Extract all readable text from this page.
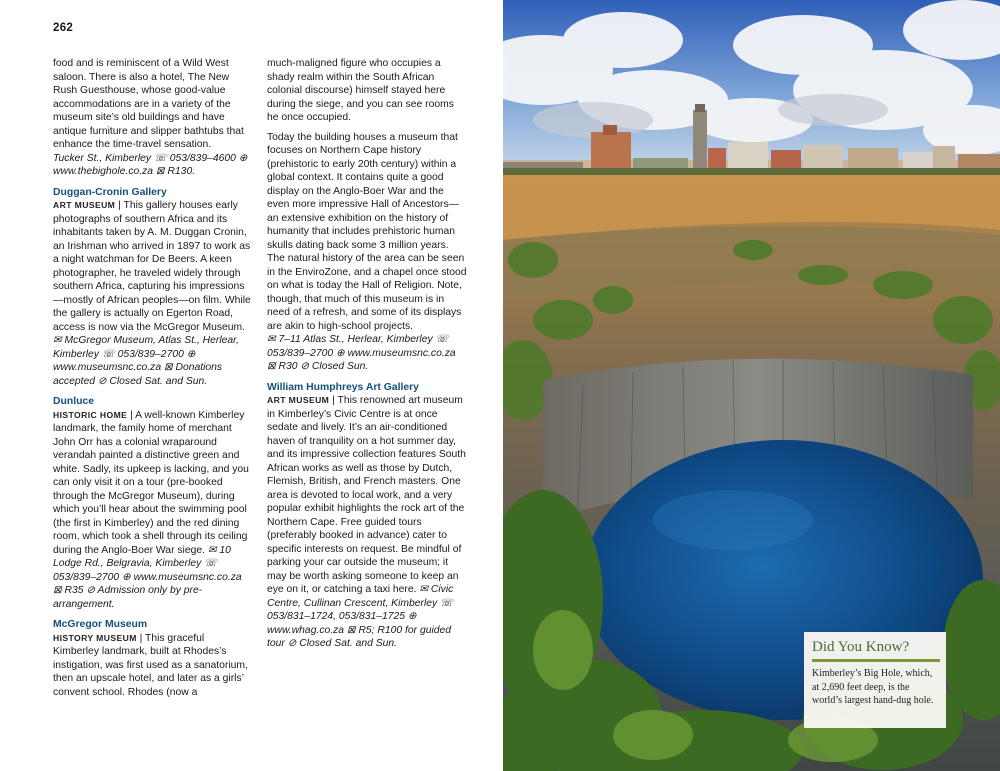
262

food and is reminiscent of a Wild West saloon. There is also a hotel, The New Rush Guesthouse, whose good-value accommodations are in a variety of the museum site’s old buildings and have antique furniture and slipper bathtubs that enhance the time-travel sensation.

Tucker St., Kimberley ☏ 053/839–4600 ⊕ www.thebighole.co.za ⊠ R130.

Duggan-Cronin Gallery

ART MUSEUM | This gallery houses early photographs of southern Africa and its inhabitants taken by A. M. Duggan Cronin, an Irishman who arrived in 1897 to work as a night watchman for De Beers. A keen photographer, he traveled widely through southern Africa, capturing his impressions—mostly of African peoples—on film. While the gallery is actually on Egerton Road, access is now via the McGregor Museum. ✉ McGregor Museum, Atlas St., Herlear, Kimberley ☏ 053/839–2700 ⊕ www.museumsnc.co.za ⊠ Donations accepted ⊘ Closed Sat. and Sun.

Dunluce

HISTORIC HOME | A well-known Kimberley landmark, the family home of merchant John Orr has a colonial wraparound verandah painted a distinctive green and white. Sadly, its upkeep is lacking, and you can only visit it on a tour (pre-booked through the McGregor Museum), during which you’ll hear about the swimming pool (the first in Kimberley) and the red dining room, which took a shell through its ceiling during the Anglo-Boer War siege. ✉ 10 Lodge Rd., Belgravia, Kimberley ☏ 053/839–2700 ⊕ www.museumsnc.co.za ⊠ R35 ⊘ Admission only by pre-arrangement.

McGregor Museum

HISTORY MUSEUM | This graceful Kimberley landmark, built at Rhodes’s instigation, was first used as a sanatorium, then an upscale hotel, and later as a girls’ convent school. Rhodes (now a

much-maligned figure who occupies a shady realm within the South African colonial discourse) himself stayed here during the siege, and you can see rooms he once occupied.

Today the building houses a museum that focuses on Northern Cape history (prehistoric to early 20th century) within a global context. It contains quite a good display on the Anglo-Boer War and the even more impressive Hall of Ancestors—an extensive exhibition on the history of humanity that includes prehistoric human skulls dating back some 3 million years. The natural history of the area can be seen in the EnviroZone, and a chapel once stood on what is today the Hall of Religion. Note, though, that much of this museum is in need of a refresh, and some of its displays are akin to high-school projects.

✉ 7–11 Atlas St., Herlear, Kimberley ☏ 053/839–2700 ⊕ www.museumsnc.co.za ⊠ R30 ⊘ Closed Sun.

William Humphreys Art Gallery

ART MUSEUM | This renowned art museum in Kimberley’s Civic Centre is at once sedate and lively. It’s an air-conditioned haven of tranquility on a hot summer day, and its impressive collection features South African works as well as those by Dutch, Flemish, British, and French masters. One area is devoted to local work, and a very popular exhibit highlights the rock art of the Northern Cape. Free guided tours (preferably booked in advance) cater to specific interests on request. Be mindful of parking your car outside the museum; it may be worth asking someone to keep an eye on it, or catching a taxi here. ✉ Civic Centre, Cullinan Crescent, Kimberley ☏ 053/831–1724, 053/831–1725 ⊕ www.whag.co.za ⊠ R5; R100 for guided tour ⊘ Closed Sat. and Sun.	Did You Know?
Kimberley’s Big Hole, which, at 2,690 feet deep, is the world’s largest hand-dug hole.
